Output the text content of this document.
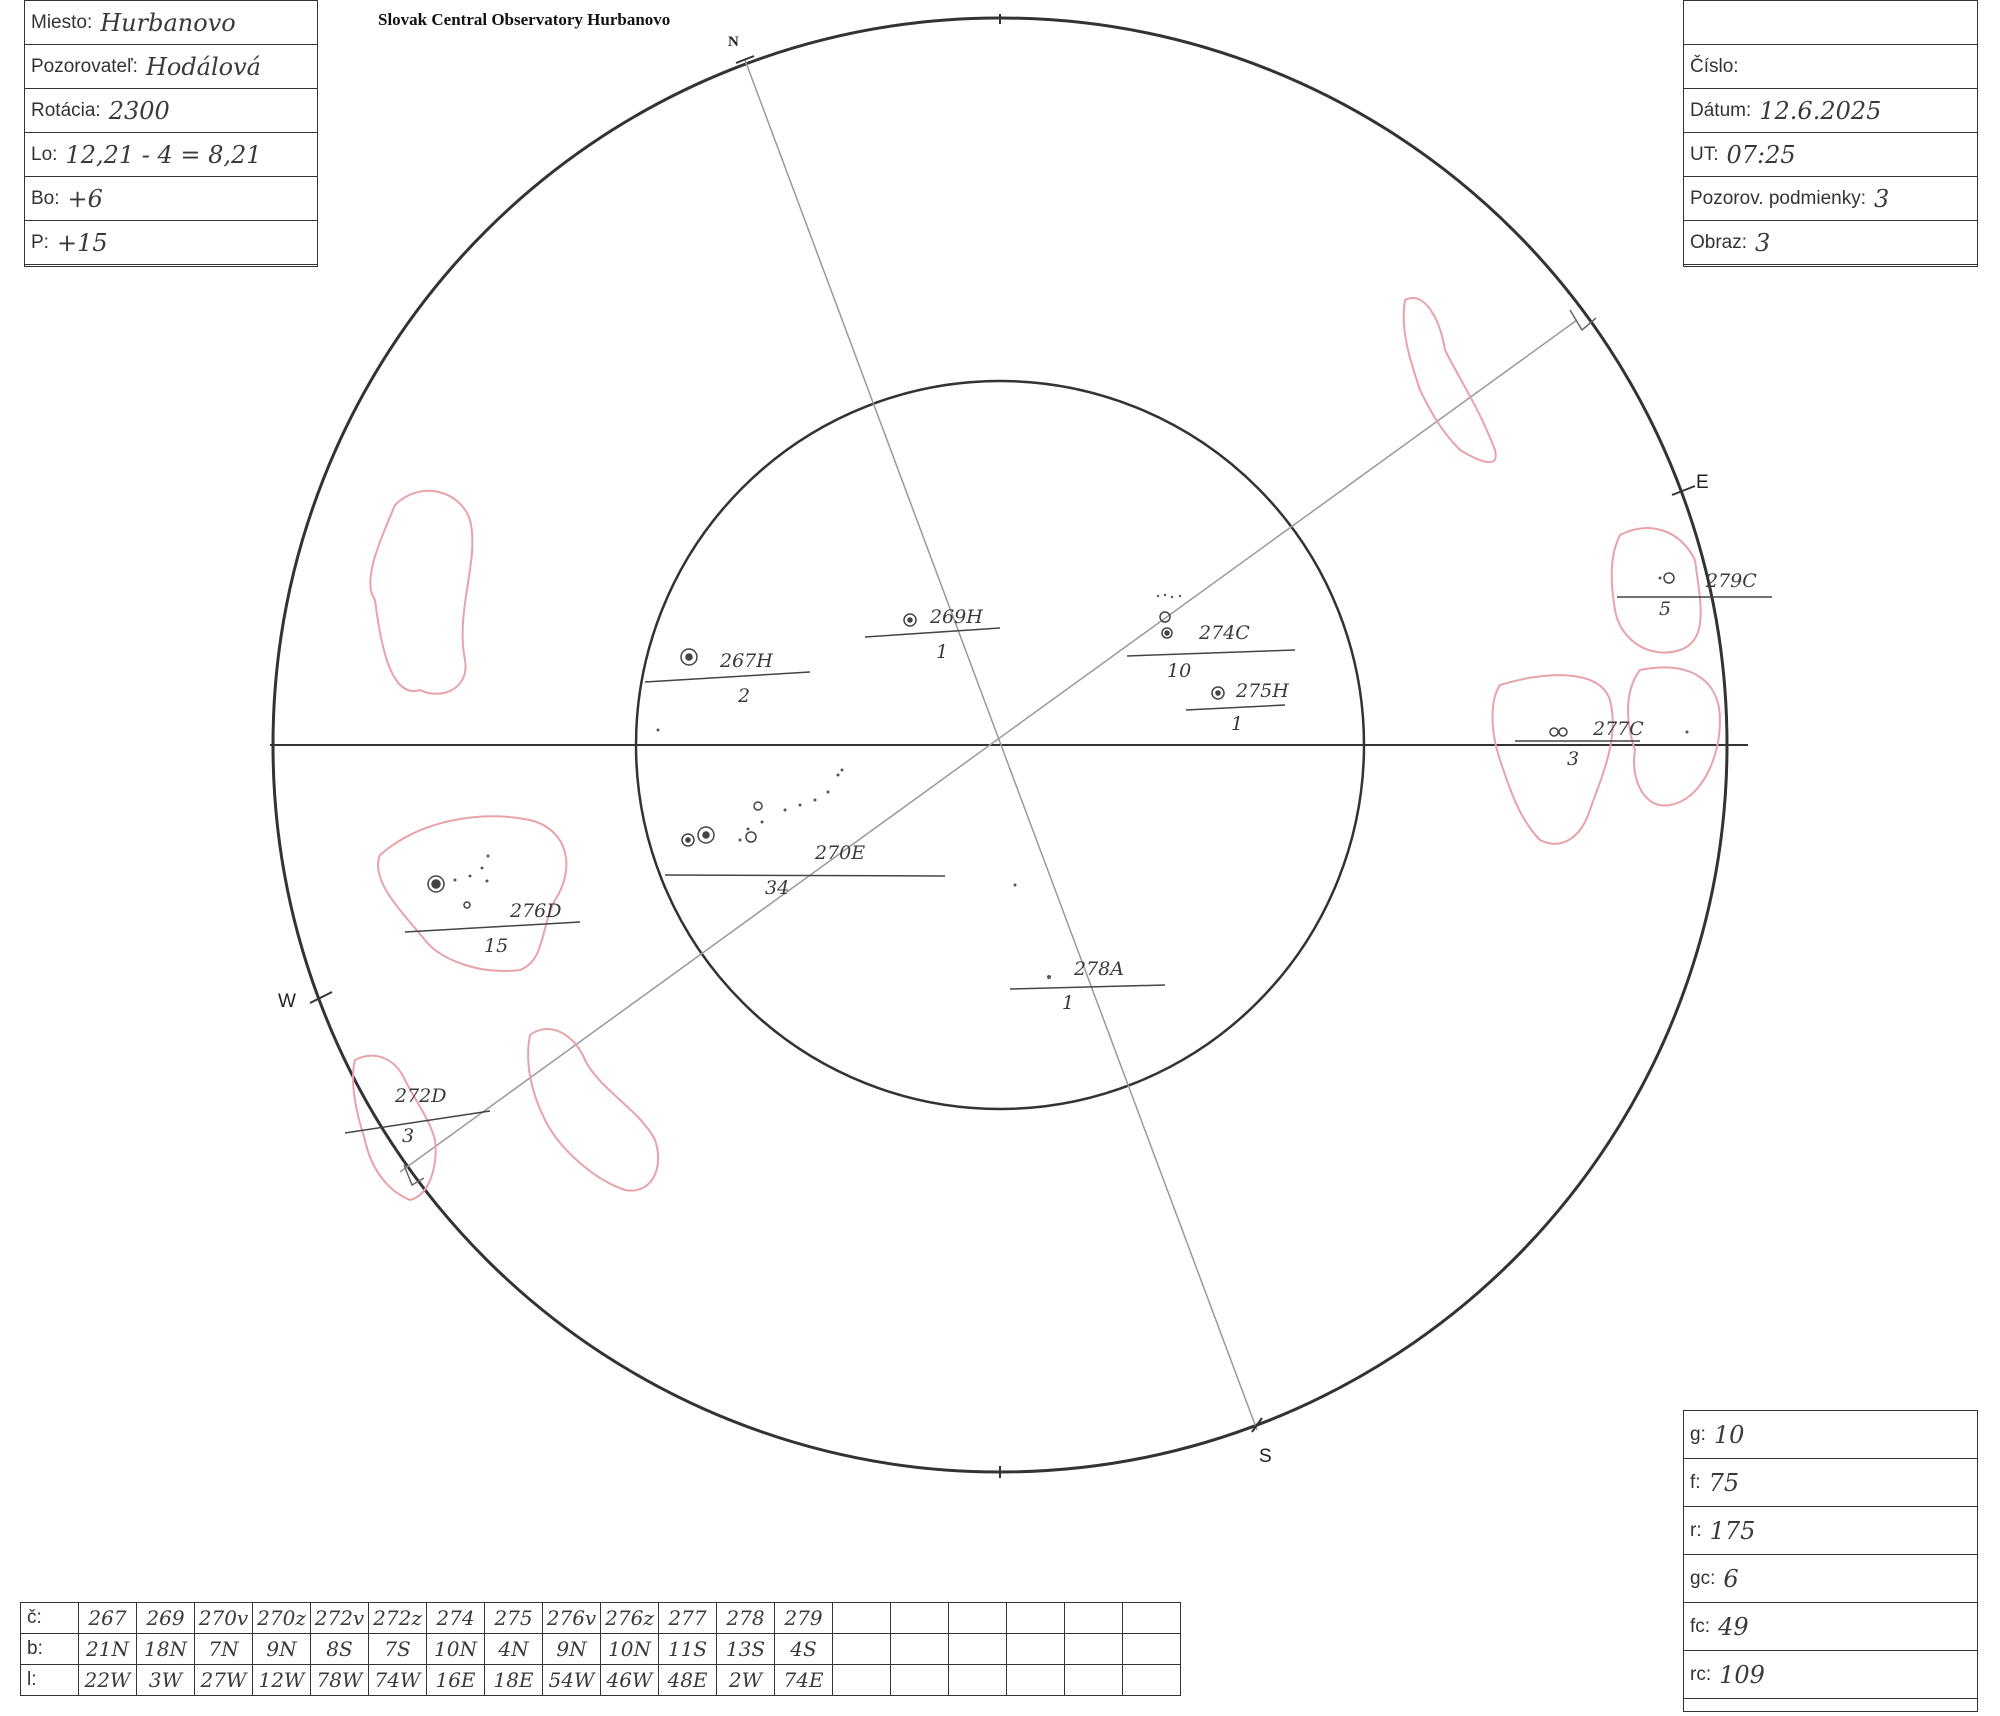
Miesto: Hurbanovo
Pozorovateľ: Hodálová
Rotácia: 2300
Lo: 12,21 - 4 = 8,21
Bo: +6
P: +15
Slovak Central Observatory Hurbanovo
Číslo:
Dátum: 12.6.2025
UT: 07:25
Pozorov. podmienky: 3
Obraz: 3
g: 10
f: 75
r: 175
gc: 6
fc: 49
rc: 109
N
S
E
W
267H
2
269H
1
274C
10
275H
1
270E
34
276D
15
278A
1
272D
3
279C
5
277C
3
č:	267	269	270v	270z	272v	272z	274	275	276v	276z	277	278	279						
b:	21N	18N	7N	9N	8S	7S	10N	4N	9N	10N	11S	13S	4S						
l:	22W	3W	27W	12W	78W	74W	16E	18E	54W	46W	48E	2W	74E						
